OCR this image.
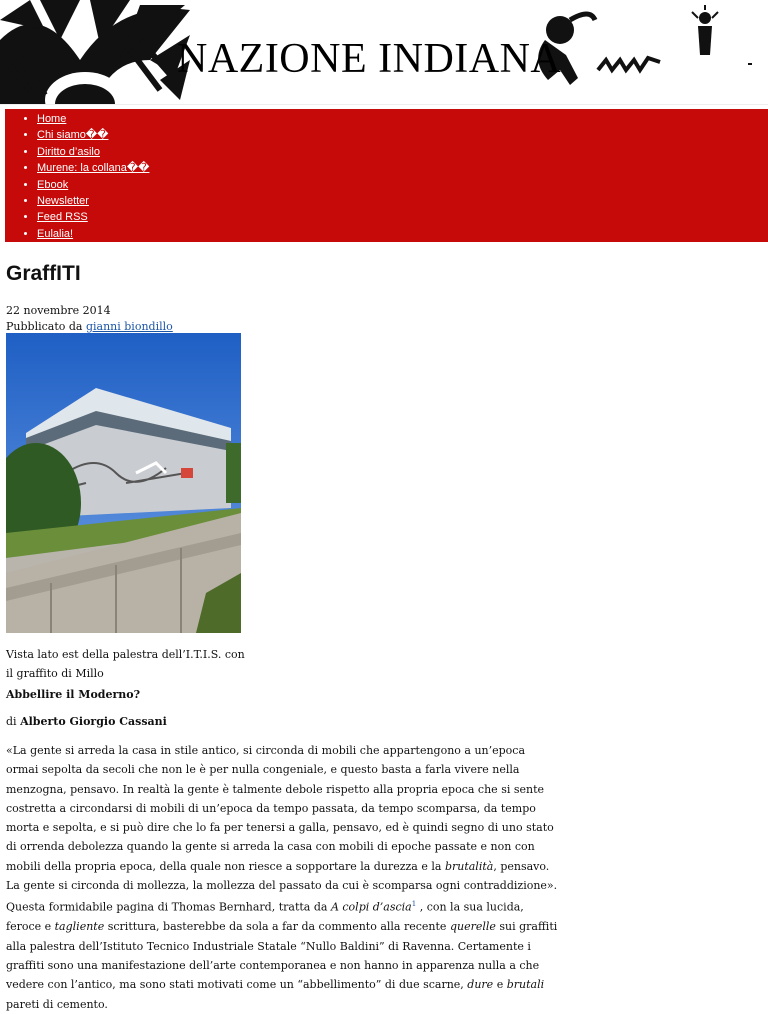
NAZIONE INDIANA
• Home
• Chi siamo��
• Diritto d’asilo
• Murene: la collana��
• Ebook
• Newsletter
• Feed RSS
• Eulalia!
GraffITI
22 novembre 2014
Pubblicato da gianni biondillo
Vista lato est della palestra dell’I.T.I.S. con il graffito di Millo
Abbellire il Moderno?
di Alberto Giorgio Cassani

«La gente si arreda la casa in stile antico, si circonda di mobili che appartengono a un’epoca ormai sepolta da secoli che non le è per nulla congeniale, e questo basta a farla vivere nella menzogna, pensavo. In realtà la gente è talmente debole rispetto alla propria epoca che si sente costretta a circondarsi di mobili di un’epoca da tempo passata, da tempo scomparsa, da tempo morta e sepolta, e si può dire che lo fa per tenersi a galla, pensavo, ed è quindi segno di uno stato di orrenda debolezza quando la gente si arreda la casa con mobili di epoche passate e non con mobili della propria epoca, della quale non riesce a sopportare la durezza e la brutalità, pensavo. La gente si circonda di mollezza, la mollezza del passato da cui è scomparsa ogni contraddizione». Questa formidabile pagina di Thomas Bernhard, tratta da A colpi d’ascia$^1$ , con la sua lucida, feroce e tagliente scrittura, basterebbe da sola a far da commento alla recente querelle sui graffiti alla palestra dell’Istituto Tecnico Industriale Statale “Nullo Baldini” di Ravenna. Certamente i graffiti sono una manifestazione dell’arte contemporanea e non hanno in apparenza nulla a che vedere con l’antico, ma sono stati motivati come un “abbellimento” di due scarne, dure e brutali pareti di cemento.
